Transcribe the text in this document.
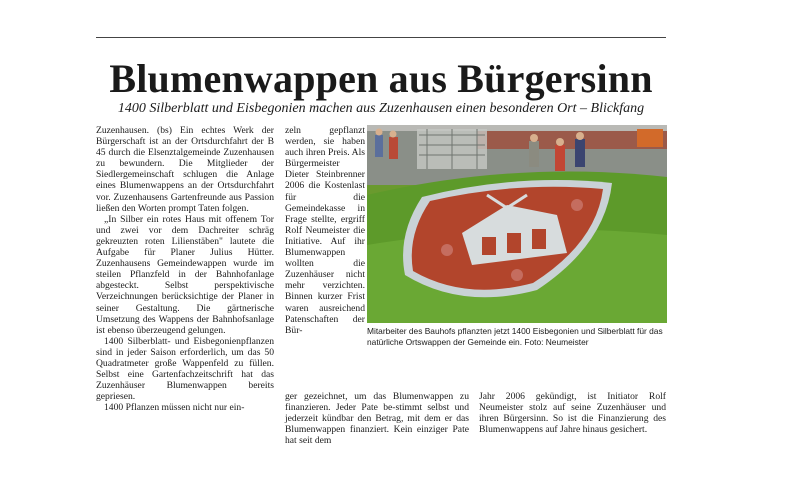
Blumenwappen aus Bürgersinn
1400 Silberblatt und Eisbegonien machen aus Zuzenhausen einen besonderen Ort – Blickfang

Zuzenhausen. (bs) Ein echtes Werk der Bürgerschaft ist an der Ortsdurchfahrt der B 45 durch die Elsenztalgemeinde Zuzenhausen zu bewundern. Die Mitglieder der Siedlergemeinschaft schlugen die Anlage eines Blumenwappens an der Ortsdurchfahrt vor. Zuzenhausens Gartenfreunde aus Passion ließen den Worten prompt Taten folgen.

„In Silber ein rotes Haus mit offenem Tor und zwei vor dem Dachreiter schräg gekreuzten roten Lilienstäben" lautete die Aufgabe für Planer Julius Hütter. Zuzenhausens Gemeindewappen wurde im steilen Pflanzfeld in der Bahnhofanlage abgesteckt. Selbst perspektivische Verzeichnungen berücksichtige der Planer in seiner Gestaltung. Die gärtnerische Umsetzung des Wappens der Bahnhofsanlage ist ebenso überzeugend gelungen.

1400 Silberblatt- und Eisbegonienpflanzen sind in jeder Saison erforderlich, um das 50 Quadratmeter große Wappenfeld zu füllen. Selbst eine Gartenfachzeitschrift hat das Zuzenhäuser Blumenwappen bereits gepriesen.

1400 Pflanzen müssen nicht nur ein-

zeln gepflanzt werden, sie haben auch ihren Preis. Als Bürgermeister Dieter Steinbrenner 2006 die Kostenlast für die Gemeindekasse in Frage stellte, ergriff Rolf Neumeister die Initiative. Auf ihr Blumenwappen wollten die Zuzenhäuser nicht mehr verzichten. Binnen kurzer Frist waren ausreichend Patenschaften der Bür-	Mitarbeiter des Bauhofs pflanzten jetzt 1400 Eisbegonien und Silberblatt für das natürliche Ortswappen der Gemeinde ein. Foto: Neumeister

ger gezeichnet, um das Blumenwappen zu finanzieren. Jeder Pate be-stimmt selbst und jederzeit kündbar den Betrag, mit dem er das Blumenwappen finanziert. Kein einziger Pate hat seit dem

Jahr 2006 gekündigt, ist Initiator Rolf Neumeister stolz auf seine Zuzenhäuser und ihren Bürgersinn. So ist die Finanzierung des Blumenwappens auf Jahre hinaus gesichert.
